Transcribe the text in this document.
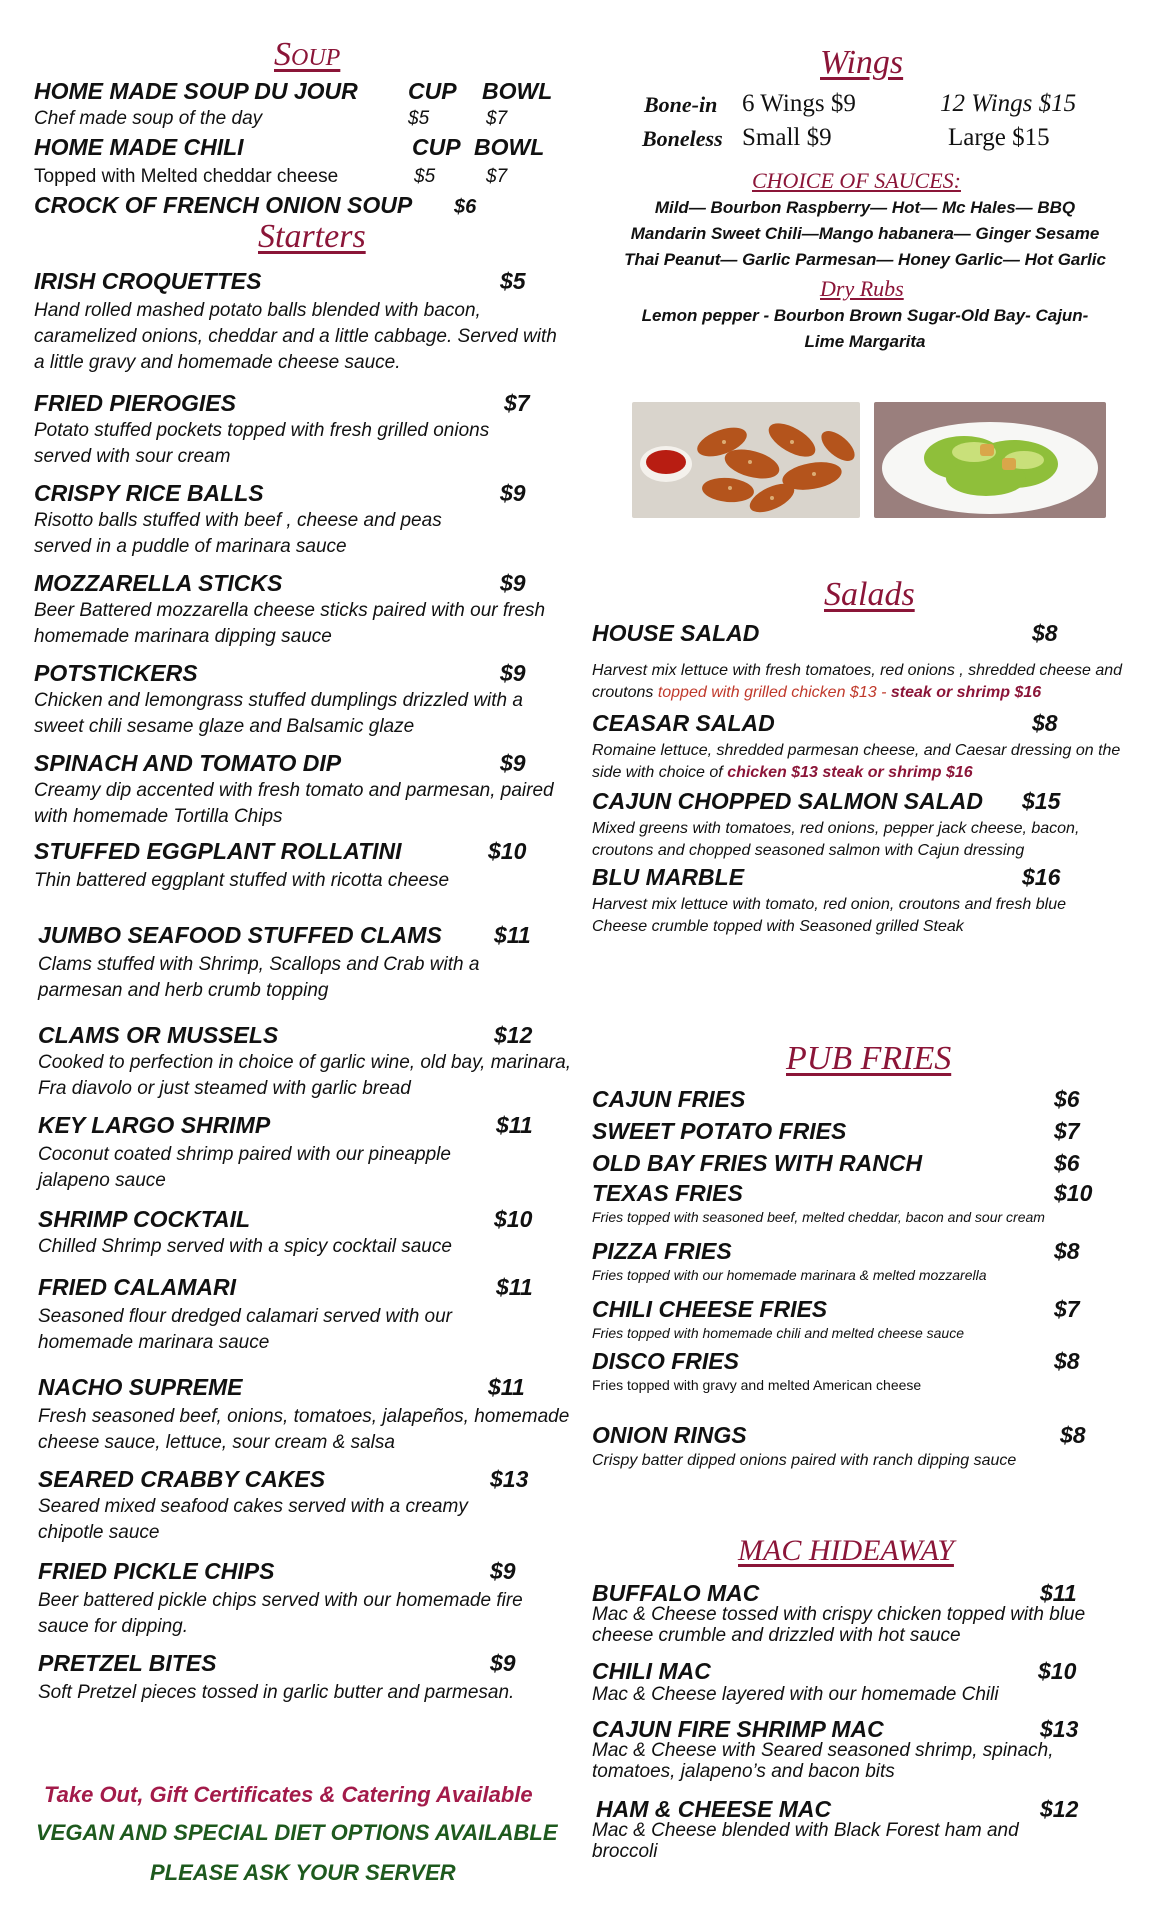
Soup
HOME MADE SOUP DU JOUR CUP BOWL
Chef made soup of the day	$5	$7
HOME MADE CHILI	CUP BOWL
Topped with Melted cheddar cheese	$5	$7
CROCK OF FRENCH ONION SOUP $6
Starters
IRISH CROQUETTES	$5
Hand rolled mashed potato balls blended with bacon, caramelized onions, cheddar and a little cabbage. Served with a little gravy and homemade cheese sauce.
FRIED PIEROGIES	$7
Potato stuffed pockets topped with fresh grilled onions served with sour cream
CRISPY RICE BALLS	$9
Risotto balls stuffed with beef , cheese and peas served in a puddle of marinara sauce
MOZZARELLA STICKS	$9
Beer Battered mozzarella cheese sticks paired with our fresh homemade marinara dipping sauce
POTSTICKERS	$9
Chicken and lemongrass stuffed dumplings drizzled with a sweet chili sesame glaze and Balsamic glaze
SPINACH AND TOMATO DIP	$9
Creamy dip accented with fresh tomato and parmesan, paired with homemade Tortilla Chips
STUFFED EGGPLANT ROLLATINI	$10
Thin battered eggplant stuffed with ricotta cheese
JUMBO SEAFOOD STUFFED CLAMS $11
Clams stuffed with Shrimp, Scallops and Crab with a parmesan and herb crumb topping
CLAMS OR MUSSELS	$12
Cooked to perfection in choice of garlic wine, old bay, marinara, Fra diavolo or just steamed with garlic bread
KEY LARGO SHRIMP	$11
Coconut coated shrimp paired with our pineapple jalapeno sauce
SHRIMP COCKTAIL	$10
Chilled Shrimp served with a spicy cocktail sauce
FRIED CALAMARI	$11
Seasoned flour dredged calamari served with our homemade marinara sauce
NACHO SUPREME	$11
Fresh seasoned beef, onions, tomatoes, jalapeños, homemade cheese sauce, lettuce, sour cream & salsa
SEARED CRABBY CAKES	$13
Seared mixed seafood cakes served with a creamy chipotle sauce
FRIED PICKLE CHIPS	$9
Beer battered pickle chips served with our homemade fire sauce for dipping.
PRETZEL BITES	$9
Soft Pretzel pieces tossed in garlic butter and parmesan.
Take Out, Gift Certificates & Catering Available
VEGAN AND SPECIAL DIET OPTIONS AVAILABLE
PLEASE ASK YOUR SERVER
Wings
Bone-in 6 Wings $9	12 Wings $15
Boneless Small $9	Large $15
CHOICE OF SAUCES:
Mild— Bourbon Raspberry— Hot— Mc Hales— BBQ
Mandarin Sweet Chili—Mango habanera— Ginger Sesame
Thai Peanut— Garlic Parmesan— Honey Garlic— Hot Garlic
Dry Rubs
Lemon pepper - Bourbon Brown Sugar-Old Bay- Cajun-
Lime Margarita
Salads
HOUSE SALAD	$8
Harvest mix lettuce with fresh tomatoes, red onions , shredded cheese and croutons topped with grilled chicken $13 - steak or shrimp $16
CEASAR SALAD	$8
Romaine lettuce, shredded parmesan cheese, and Caesar dressing on the side with choice of chicken $13 steak or shrimp $16
CAJUN CHOPPED SALMON SALAD $15
Mixed greens with tomatoes, red onions, pepper jack cheese, bacon, croutons and chopped seasoned salmon with Cajun dressing
BLU MARBLE	$16
Harvest mix lettuce with tomato, red onion, croutons and fresh blue Cheese crumble topped with Seasoned grilled Steak
PUB FRIES
CAJUN FRIES	$6
SWEET POTATO FRIES	$7
OLD BAY FRIES WITH RANCH	$6
TEXAS FRIES	$10
Fries topped with seasoned beef, melted cheddar, bacon and sour cream
PIZZA FRIES	$8
Fries topped with our homemade marinara & melted mozzarella
CHILI CHEESE FRIES	$7
Fries topped with homemade chili and melted cheese sauce
DISCO FRIES	$8
Fries topped with gravy and melted American cheese
ONION RINGS	$8
Crispy batter dipped onions paired with ranch dipping sauce
MAC HIDEAWAY
BUFFALO MAC	$11
Mac & Cheese tossed with crispy chicken topped with blue cheese crumble and drizzled with hot sauce
CHILI MAC	$10
Mac & Cheese layered with our homemade Chili
CAJUN FIRE SHRIMP MAC	$13
Mac & Cheese with Seared seasoned shrimp, spinach, tomatoes, jalapeno’s and bacon bits
HAM & CHEESE MAC	$12
Mac & Cheese blended with Black Forest ham and broccoli
